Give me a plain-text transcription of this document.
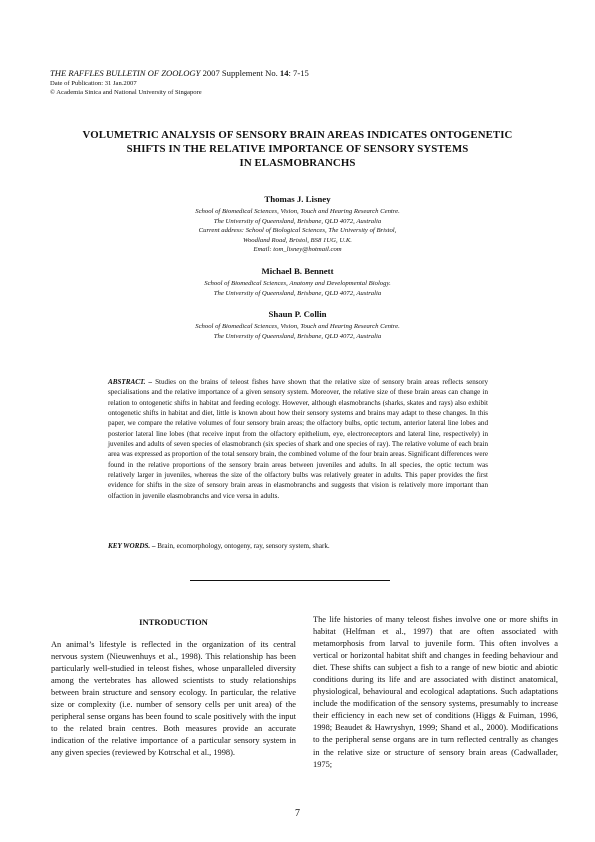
THE RAFFLES BULLETIN OF ZOOLOGY 2007 Supplement No. 14: 7-15
Date of Publication: 31 Jan.2007
© Academia Sinica and National University of Singapore
VOLUMETRIC ANALYSIS OF SENSORY BRAIN AREAS INDICATES ONTOGENETIC
SHIFTS IN THE RELATIVE IMPORTANCE OF SENSORY SYSTEMS
IN ELASMOBRANCHS
Thomas J. Lisney
School of Biomedical Sciences, Vision, Touch and Hearing Research Centre.
The University of Queensland, Brisbane, QLD 4072, Australia
Current address: School of Biological Sciences, The University of Bristol,
Woodland Road, Bristol, BS8 1UG, U.K.
Email: tom_lisney@hotmail.com
Michael B. Bennett
School of Biomedical Sciences, Anatomy and Developmental Biology.
The University of Queensland, Brisbane, QLD 4072, Australia
Shaun P. Collin
School of Biomedical Sciences, Vision, Touch and Hearing Research Centre.
The University of Queensland, Brisbane, QLD 4072, Australia
ABSTRACT. – Studies on the brains of teleost fishes have shown that the relative size of sensory brain areas reflects sensory specialisations and the relative importance of a given sensory system. Moreover, the relative size of these brain areas can change in relation to ontogenetic shifts in habitat and feeding ecology. However, although elasmobranchs (sharks, skates and rays) also exhibit ontogenetic shifts in habitat and diet, little is known about how their sensory systems and brains may adapt to these changes. In this paper, we compare the relative volumes of four sensory brain areas; the olfactory bulbs, optic tectum, anterior lateral line lobes and posterior lateral line lobes (that receive input from the olfactory epithelium, eye, electroreceptors and lateral line, respectively) in juveniles and adults of seven species of elasmobranch (six species of shark and one species of ray). The relative volume of each brain area was expressed as proportion of the total sensory brain, the combined volume of the four brain areas. Significant differences were found in the relative proportions of the sensory brain areas between juveniles and adults. In all species, the optic tectum was relatively larger in juveniles, whereas the size of the olfactory bulbs was relatively greater in adults. This paper provides the first evidence for shifts in the size of sensory brain areas in elasmobranchs and suggests that vision is relatively more important than olfaction in juvenile elasmobranchs and vice versa in adults.
KEY WORDS. – Brain, ecomorphology, ontogeny, ray, sensory system, shark.
INTRODUCTION
An animal’s lifestyle is reflected in the organization of its central nervous system (Nieuwenhuys et al., 1998). This relationship has been particularly well-studied in teleost fishes, whose unparalleled diversity among the vertebrates has allowed scientists to study relationships between brain structure and sensory ecology. In particular, the relative size or complexity (i.e. number of sensory cells per unit area) of the peripheral sense organs has been found to scale positively with the input to the related brain centres. Both measures provide an accurate indication of the relative importance of a particular sensory system in any given species (reviewed by Kotrschal et al., 1998).
The life histories of many teleost fishes involve one or more shifts in habitat (Helfman et al., 1997) that are often associated with metamorphosis from larval to juvenile form. This often involves a vertical or horizontal habitat shift and changes in feeding behaviour and diet. These shifts can subject a fish to a range of new biotic and abiotic conditions during its life and are associated with distinct anatomical, physiological, behavioural and ecological adaptations. Such adaptations include the modification of the sensory systems, presumably to increase their efficiency in each new set of conditions (Higgs & Fuiman, 1996, 1998; Beaudet & Hawryshyn, 1999; Shand et al., 2000). Modifications to the peripheral sense organs are in turn reflected centrally as changes in the relative size or structure of sensory brain areas (Cadwallader, 1975;
7
